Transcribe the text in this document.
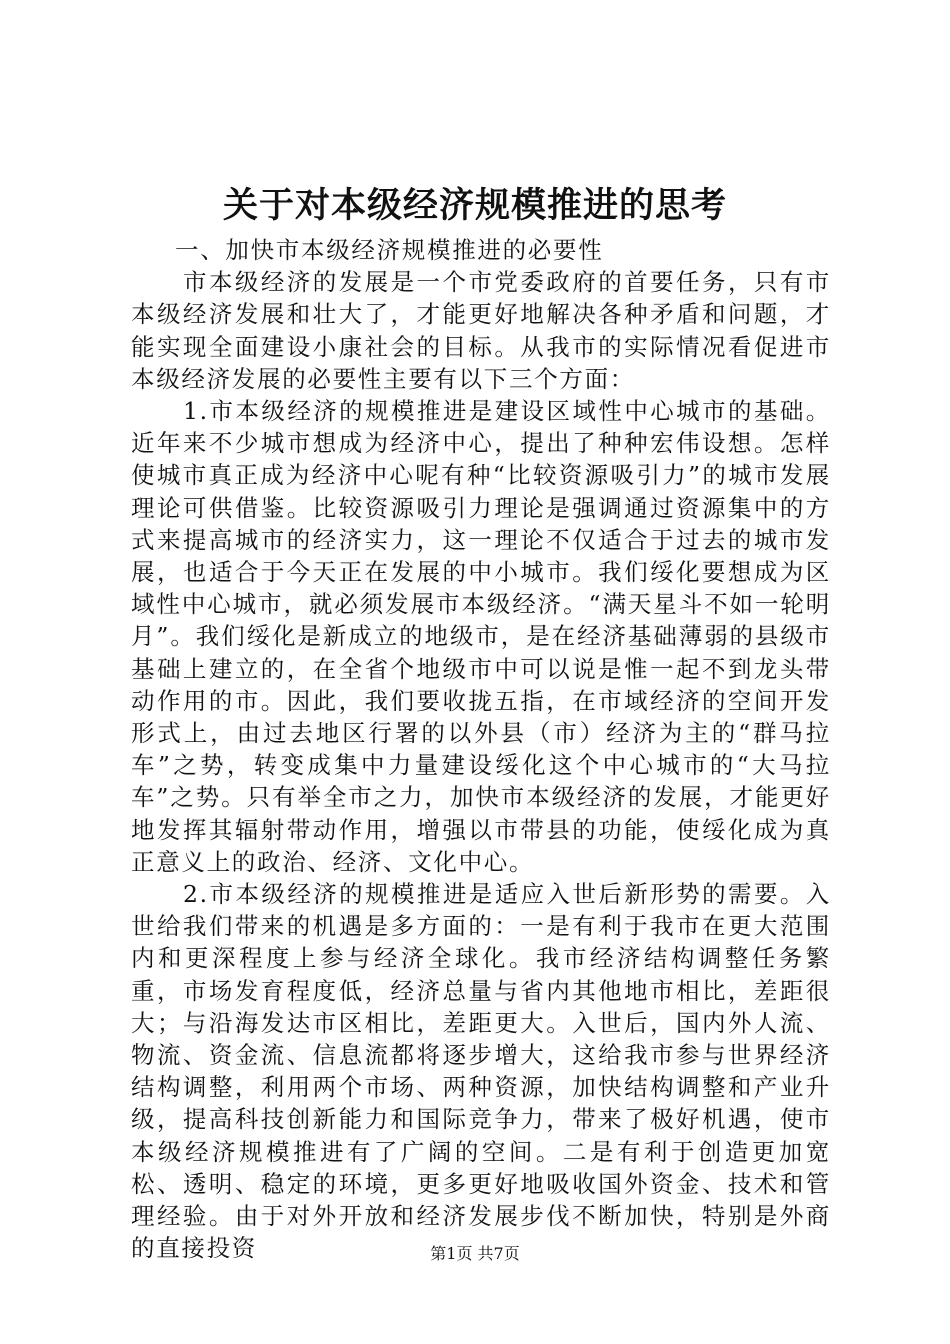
关于对本级经济规模推进的思考

一、加快市本级经济规模推进的必要性

市本级经济的发展是一个市党委政府的首要任务，只有市本级经济发展和壮大了，才能更好地解决各种矛盾和问题，才能实现全面建设小康社会的目标。从我市的实际情况看促进市本级经济发展的必要性主要有以下三个方面：

1.市本级经济的规模推进是建设区域性中心城市的基础。近年来不少城市想成为经济中心，提出了种种宏伟设想。怎样使城市真正成为经济中心呢有种“比较资源吸引力”的城市发展理论可供借鉴。比较资源吸引力理论是强调通过资源集中的方式来提高城市的经济实力，这一理论不仅适合于过去的城市发展，也适合于今天正在发展的中小城市。我们绥化要想成为区域性中心城市，就必须发展市本级经济。“满天星斗不如一轮明月”。我们绥化是新成立的地级市，是在经济基础薄弱的县级市基础上建立的，在全省个地级市中可以说是惟一起不到龙头带动作用的市。因此，我们要收拢五指，在市域经济的空间开发形式上，由过去地区行署的以外县（市）经济为主的“群马拉车”之势，转变成集中力量建设绥化这个中心城市的“大马拉车”之势。只有举全市之力，加快市本级经济的发展，才能更好地发挥其辐射带动作用，增强以市带县的功能，使绥化成为真正意义上的政治、经济、文化中心。

2.市本级经济的规模推进是适应入世后新形势的需要。入世给我们带来的机遇是多方面的：一是有利于我市在更大范围内和更深程度上参与经济全球化。我市经济结构调整任务繁重，市场发育程度低，经济总量与省内其他地市相比，差距很大；与沿海发达市区相比，差距更大。入世后，国内外人流、物流、资金流、信息流都将逐步增大，这给我市参与世界经济结构调整，利用两个市场、两种资源，加快结构调整和产业升级，提高科技创新能力和国际竞争力，带来了极好机遇，使市本级经济规模推进有了广阔的空间。二是有利于创造更加宽松、透明、稳定的环境，更多更好地吸收国外资金、技术和管理经验。由于对外开放和经济发展步伐不断加快，特别是外商的直接投资	第1页 共7页
